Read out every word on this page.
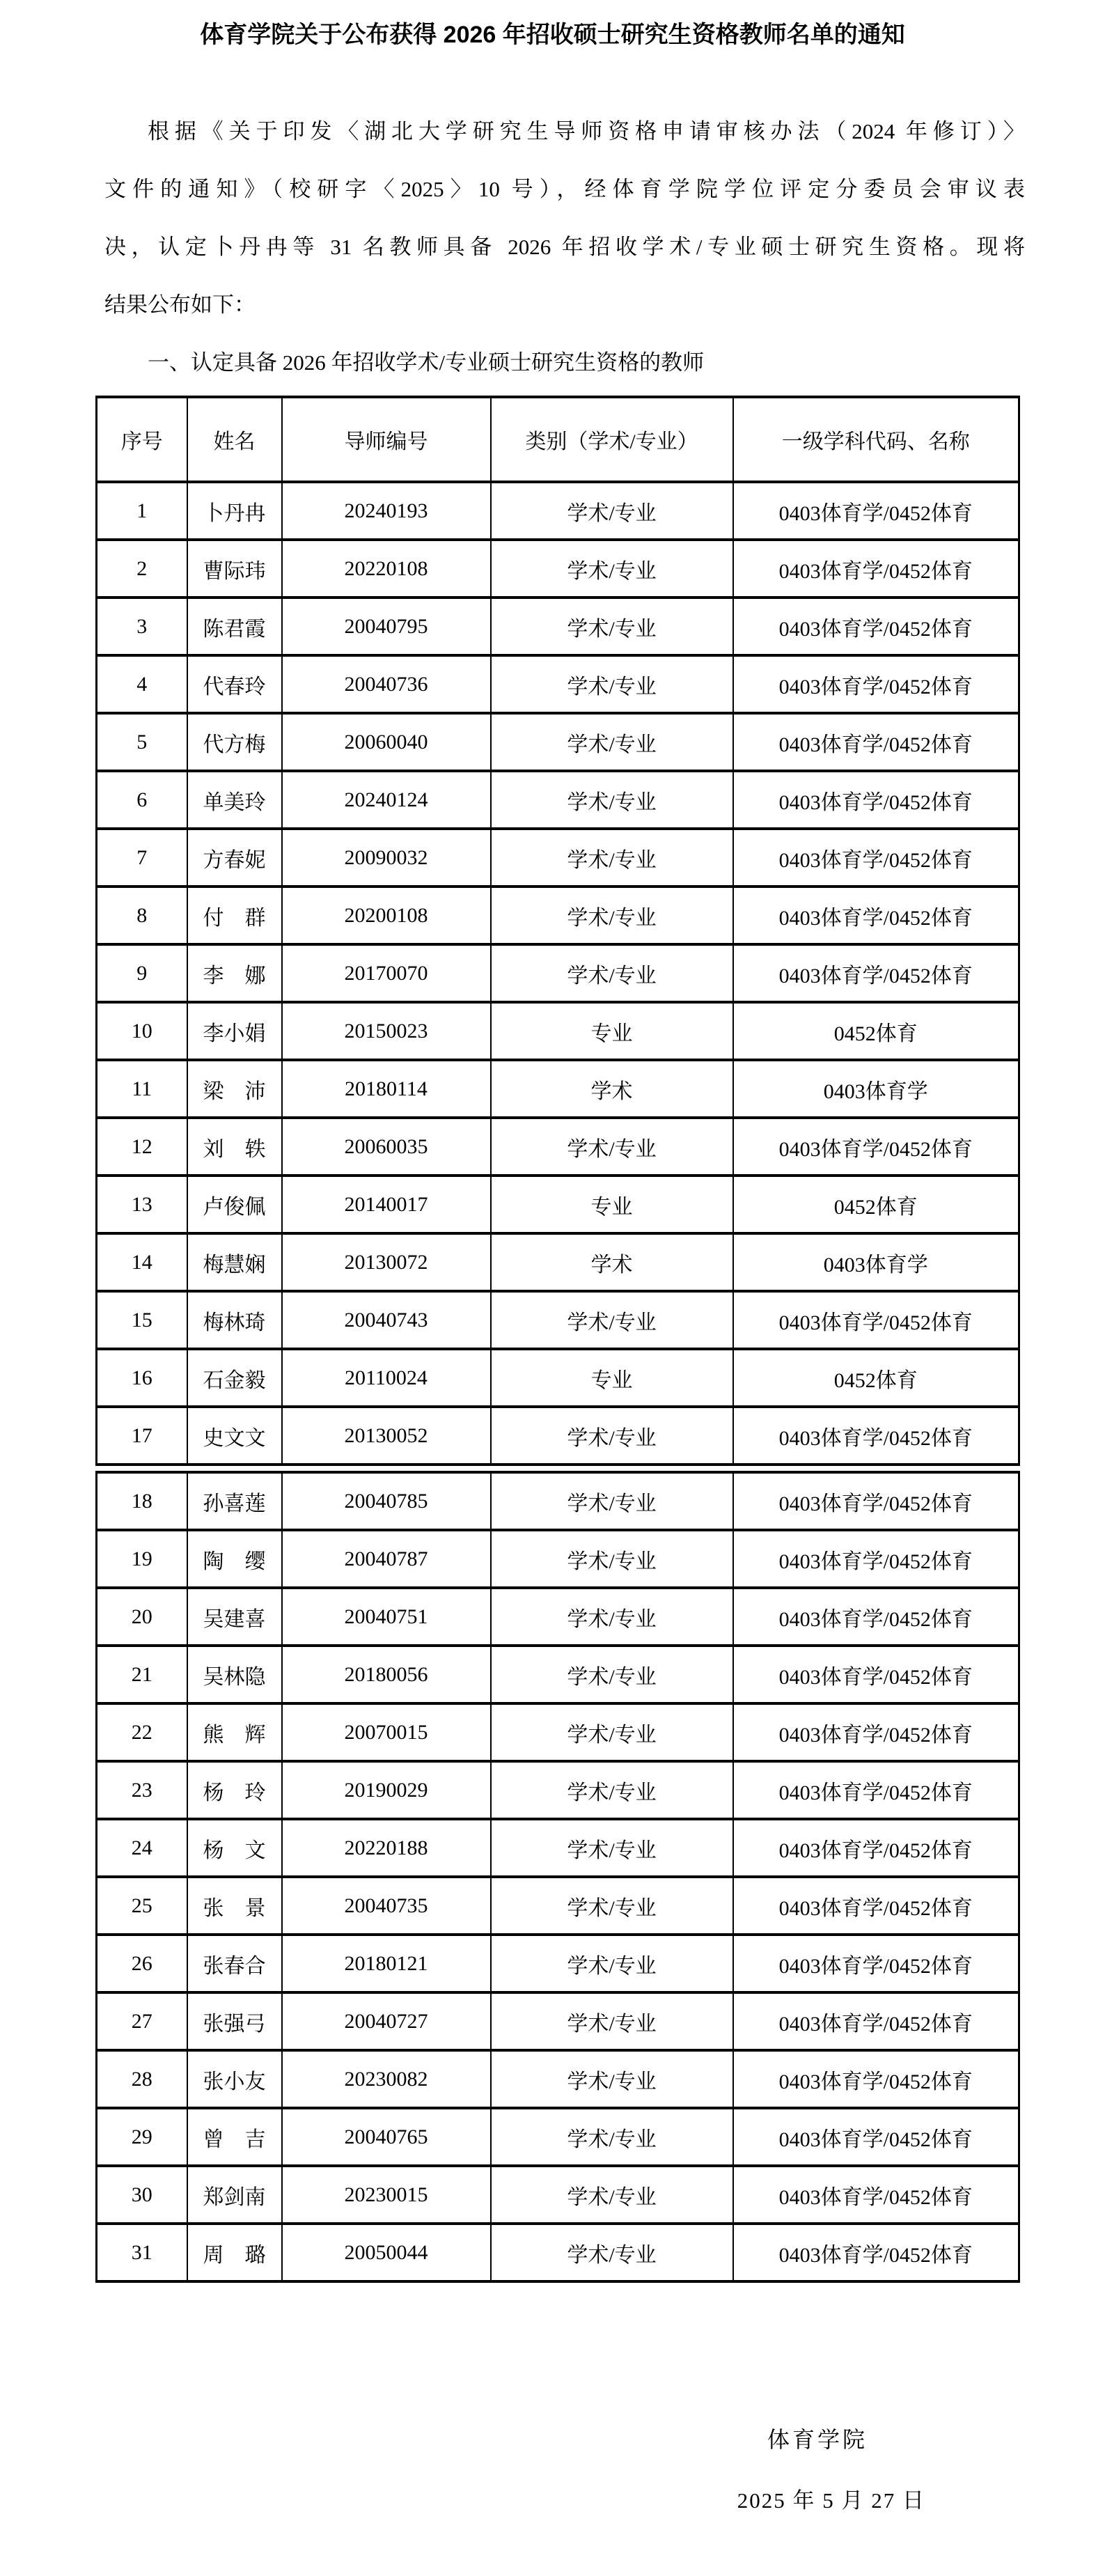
体育学院关于公布获得 2026 年招收硕士研究生资格教师名单的通知
根据《关于印发〈湖北大学研究生导师资格申请审核办法（2024 年修订）〉
文件的通知》（校研字〈2025〉10 号），经体育学院学位评定分委员会审议表
决，认定卜丹冉等 31 名教师具备 2026 年招收学术/专业硕士研究生资格。现将
结果公布如下：
一、认定具备 2026 年招收学术/专业硕士研究生资格的教师
序号	姓名	导师编号	类别（学术/专业）	一级学科代码、名称
1	卜丹冉	20240193	学术/专业	0403体育学/0452体育
2	曹际玮	20220108	学术/专业	0403体育学/0452体育
3	陈君霞	20040795	学术/专业	0403体育学/0452体育
4	代春玲	20040736	学术/专业	0403体育学/0452体育
5	代方梅	20060040	学术/专业	0403体育学/0452体育
6	单美玲	20240124	学术/专业	0403体育学/0452体育
7	方春妮	20090032	学术/专业	0403体育学/0452体育
8	付　群	20200108	学术/专业	0403体育学/0452体育
9	李　娜	20170070	学术/专业	0403体育学/0452体育
10	李小娟	20150023	专业	0452体育
11	梁　沛	20180114	学术	0403体育学
12	刘　轶	20060035	学术/专业	0403体育学/0452体育
13	卢俊佩	20140017	专业	0452体育
14	梅慧娴	20130072	学术	0403体育学
15	梅林琦	20040743	学术/专业	0403体育学/0452体育
16	石金毅	20110024	专业	0452体育
17	史文文	20130052	学术/专业	0403体育学/0452体育
18	孙喜莲	20040785	学术/专业	0403体育学/0452体育
19	陶　缨	20040787	学术/专业	0403体育学/0452体育
20	吴建喜	20040751	学术/专业	0403体育学/0452体育
21	吴林隐	20180056	学术/专业	0403体育学/0452体育
22	熊　辉	20070015	学术/专业	0403体育学/0452体育
23	杨　玲	20190029	学术/专业	0403体育学/0452体育
24	杨　文	20220188	学术/专业	0403体育学/0452体育
25	张　景	20040735	学术/专业	0403体育学/0452体育
26	张春合	20180121	学术/专业	0403体育学/0452体育
27	张强弓	20040727	学术/专业	0403体育学/0452体育
28	张小友	20230082	学术/专业	0403体育学/0452体育
29	曾　吉	20040765	学术/专业	0403体育学/0452体育
30	郑剑南	20230015	学术/专业	0403体育学/0452体育
31	周　璐	20050044	学术/专业	0403体育学/0452体育
体育学院
2025 年 5 月 27 日
